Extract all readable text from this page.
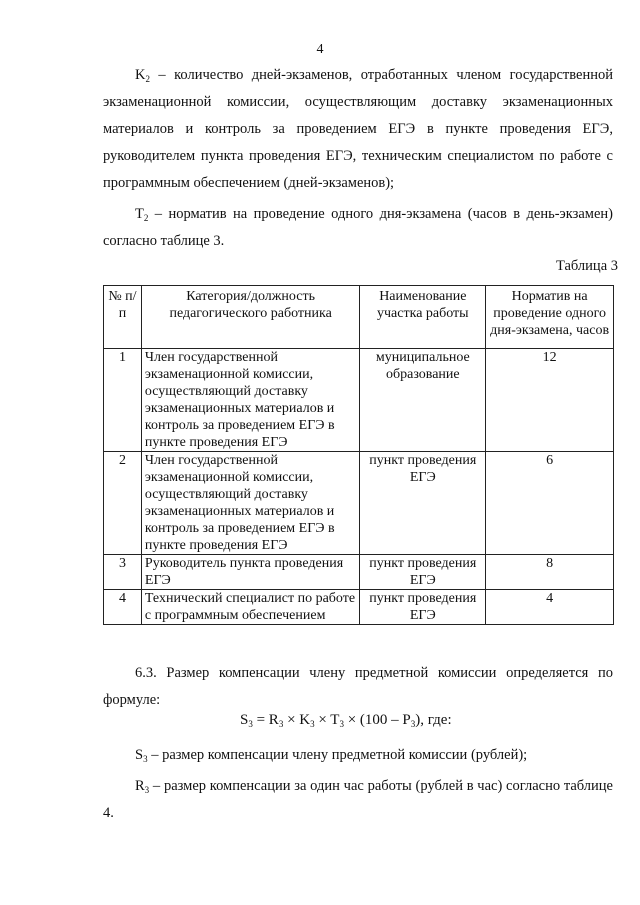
4

$K_2$ – количество дней-экзаменов, отработанных членом государственной экзаменационной комиссии, осуществляющим доставку экзаменационных материалов и контроль за проведением ЕГЭ в пункте проведения ЕГЭ, руководителем пункта проведения ЕГЭ, техническим специалистом по работе с программным обеспечением (дней-экзаменов);

$T_2$ – норматив на проведение одного дня-экзамена (часов в день-экзамен) согласно таблице 3.

Таблица 3
№ п/п	Категория/должность педагогического работника	Наименование участка работы	Норматив на проведение одного дня-экзамена, часов
1	Член государственной экзаменационной комиссии, осуществляющий доставку экзаменационных материалов и контроль за проведением ЕГЭ в пункте проведения ЕГЭ	муниципальное образование	12
2	Член государственной экзаменационной комиссии, осуществляющий доставку экзаменационных материалов и контроль за проведением ЕГЭ в пункте проведения ЕГЭ	пункт проведения ЕГЭ	6
3	Руководитель пункта проведения ЕГЭ	пункт проведения ЕГЭ	8
4	Технический специалист по работе с программным обеспечением	пункт проведения ЕГЭ	4

6.3. Размер компенсации члену предметной комиссии определяется по формуле:

$S_3 = R_3 \times K_3 \times T_3 \times (100 - P_3)$, где:

$S_3$ – размер компенсации члену предметной комиссии (рублей);

$R_3$ – размер компенсации за один час работы (рублей в час) согласно таблице 4.
